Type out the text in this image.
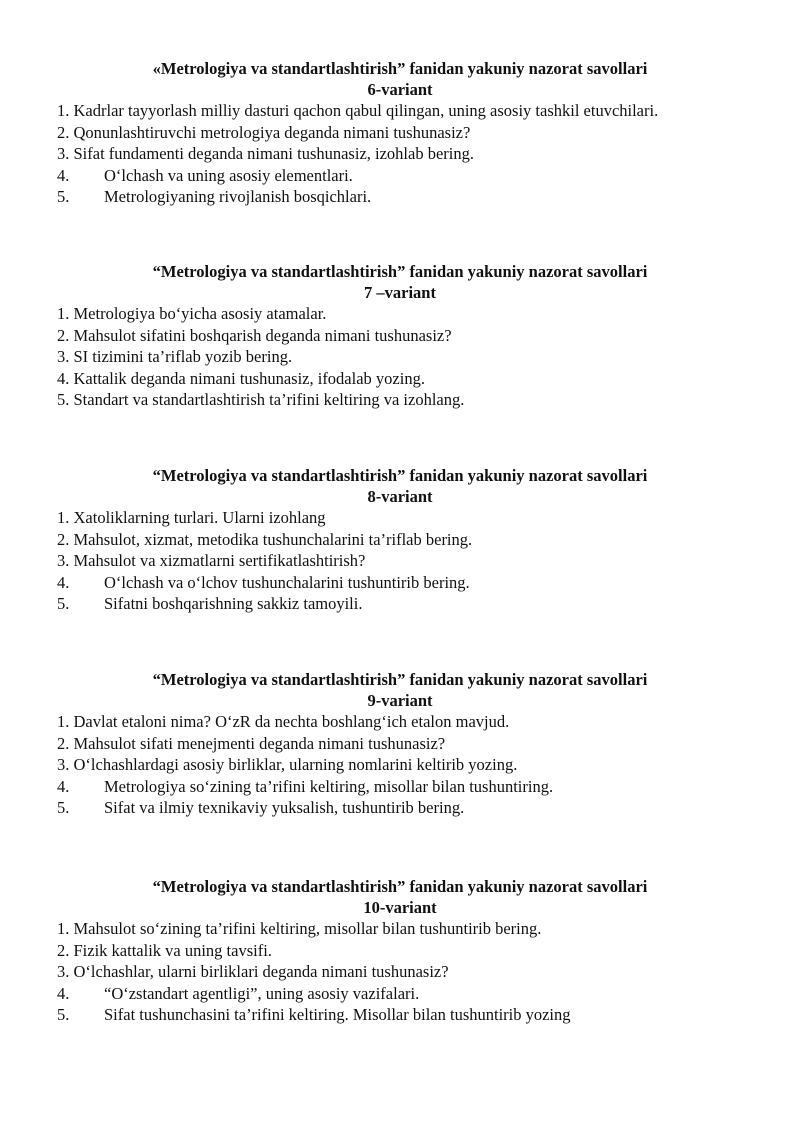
«Metrologiya va standartlashtirish” fanidan yakuniy nazorat savollari

6-variant

1. Kadrlar tayyorlash milliy dasturi qachon qabul qilingan, uning asosiy tashkil etuvchilari.

2. Qonunlashtiruvchi metrologiya deganda nimani tushunasiz?

3. Sifat fundamenti deganda nimani tushunasiz, izohlab bering.

4. O‘lchash va uning asosiy elementlari.

5. Metrologiyaning rivojlanish bosqichlari.

“Metrologiya va standartlashtirish” fanidan yakuniy nazorat savollari

7 –variant

1. Metrologiya bo‘yicha asosiy atamalar.

2. Mahsulot sifatini boshqarish deganda nimani tushunasiz?

3. SI tizimini ta’riflab yozib bering.

4. Kattalik deganda nimani tushunasiz, ifodalab yozing.

5. Standart va standartlashtirish ta’rifini keltiring va izohlang.

“Metrologiya va standartlashtirish” fanidan yakuniy nazorat savollari

8-variant

1. Xatoliklarning turlari. Ularni izohlang

2. Mahsulot, xizmat, metodika tushunchalarini ta’riflab bering.

3. Mahsulot va xizmatlarni sertifikatlashtirish?

4. O‘lchash va o‘lchov tushunchalarini tushuntirib bering.

5. Sifatni boshqarishning sakkiz tamoyili.

“Metrologiya va standartlashtirish” fanidan yakuniy nazorat savollari

9-variant

1. Davlat etaloni nima? O‘zR da nechta boshlang‘ich etalon mavjud.

2. Mahsulot sifati menejmenti deganda nimani tushunasiz?

3. O‘lchashlardagi asosiy birliklar, ularning nomlarini keltirib yozing.

4. Metrologiya so‘zining ta’rifini keltiring, misollar bilan tushuntiring.

5. Sifat va ilmiy texnikaviy yuksalish, tushuntirib bering.

“Metrologiya va standartlashtirish” fanidan yakuniy nazorat savollari

10-variant

1. Mahsulot so‘zining ta’rifini keltiring, misollar bilan tushuntirib bering.

2. Fizik kattalik va uning tavsifi.

3. O‘lchashlar, ularni birliklari deganda nimani tushunasiz?

4. “O‘zstandart agentligi”, uning asosiy vazifalari.

5. Sifat tushunchasini ta’rifini keltiring. Misollar bilan tushuntirib yozing
